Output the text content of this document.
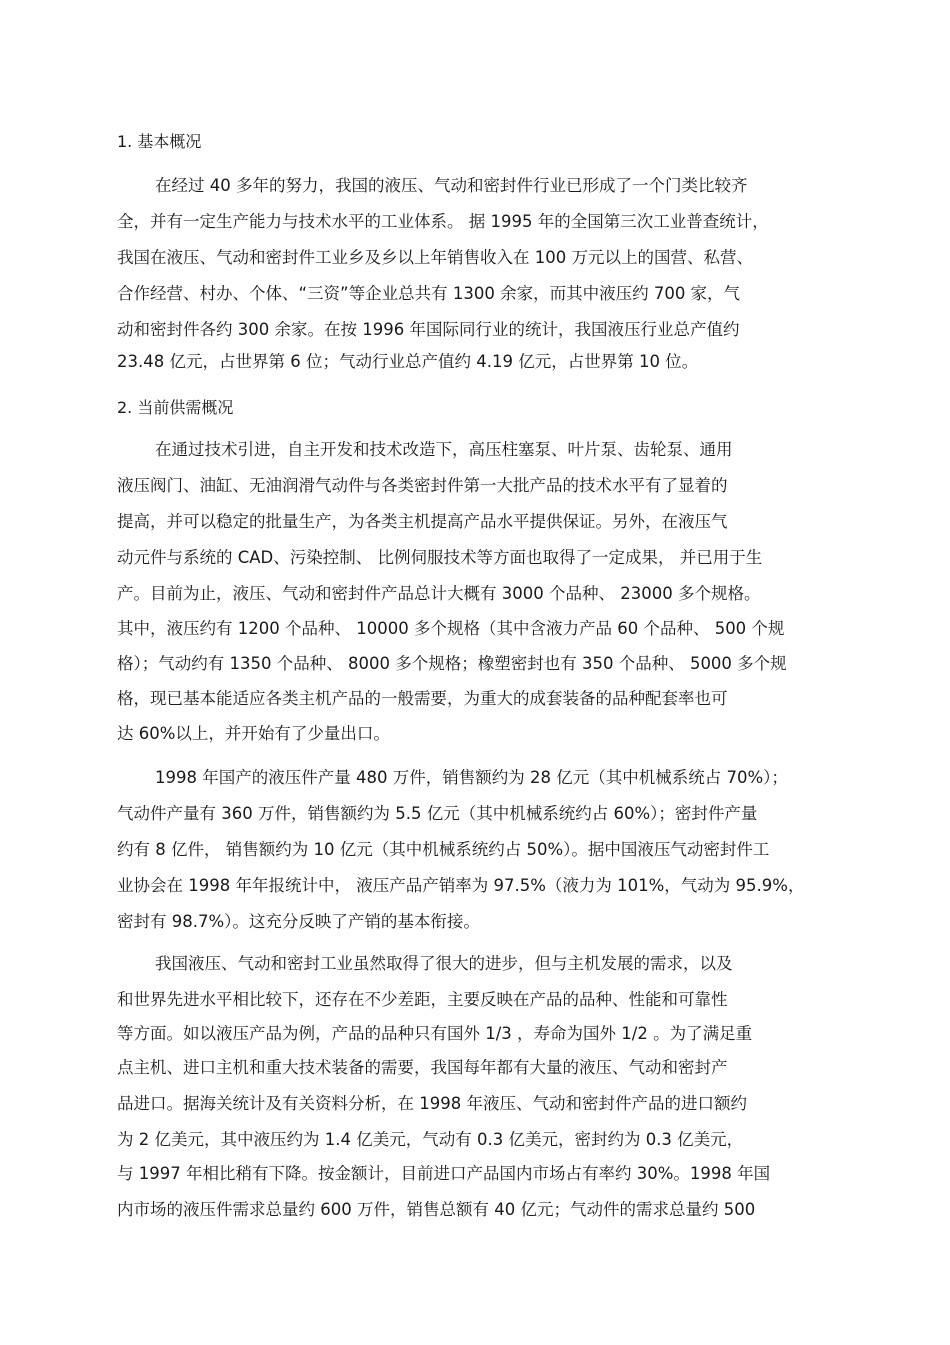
1. 基本概况
在经过 40 多年的努力，我国的液压、气动和密封件行业已形成了一个门类比较齐
全，并有一定生产能力与技术水平的工业体系。 据 1995 年的全国第三次工业普查统计，
我国在液压、气动和密封件工业乡及乡以上年销售收入在 100 万元以上的国营、私营、
合作经营、村办、个体、“三资”等企业总共有 1300 余家，而其中液压约 700 家，气
动和密封件各约 300 余家。在按 1996 年国际同行业的统计，我国液压行业总产值约
23.48 亿元，占世界第 6 位；气动行业总产值约 4.19 亿元，占世界第 10 位。
2. 当前供需概况
在通过技术引进，自主开发和技术改造下，高压柱塞泵、叶片泵、齿轮泵、通用
液压阀门、油缸、无油润滑气动件与各类密封件第一大批产品的技术水平有了显着的
提高，并可以稳定的批量生产，为各类主机提高产品水平提供保证。另外，在液压气
动元件与系统的 CAD、污染控制、 比例伺服技术等方面也取得了一定成果， 并已用于生
产。目前为止，液压、气动和密封件产品总计大概有 3000 个品种、 23000 多个规格。
其中，液压约有 1200 个品种、 10000 多个规格（其中含液力产品 60 个品种、 500 个规
格）；气动约有 1350 个品种、 8000 多个规格；橡塑密封也有 350 个品种、 5000 多个规
格，现已基本能适应各类主机产品的一般需要，为重大的成套装备的品种配套率也可
达 60%以上，并开始有了少量出口。
1998 年国产的液压件产量 480 万件，销售额约为 28 亿元（其中机械系统占 70%）；
气动件产量有 360 万件，销售额约为 5.5 亿元（其中机械系统约占 60%）；密封件产量
约有 8 亿件， 销售额约为 10 亿元（其中机械系统约占 50%）。据中国液压气动密封件工
业协会在 1998 年年报统计中， 液压产品产销率为 97.5%（液力为 101%，气动为 95.9%，
密封有 98.7%）。这充分反映了产销的基本衔接。
我国液压、气动和密封工业虽然取得了很大的进步，但与主机发展的需求，以及
和世界先进水平相比较下，还存在不少差距，主要反映在产品的品种、性能和可靠性
等方面。如以液压产品为例，产品的品种只有国外 1/3 ，寿命为国外 1/2 。为了满足重
点主机、进口主机和重大技术装备的需要，我国每年都有大量的液压、气动和密封产
品进口。据海关统计及有关资料分析，在 1998 年液压、气动和密封件产品的进口额约
为 2 亿美元，其中液压约为 1.4 亿美元，气动有 0.3 亿美元，密封约为 0.3 亿美元，
与 1997 年相比稍有下降。按金额计，目前进口产品国内市场占有率约 30%。1998 年国
内市场的液压件需求总量约 600 万件，销售总额有 40 亿元；气动件的需求总量约 500
